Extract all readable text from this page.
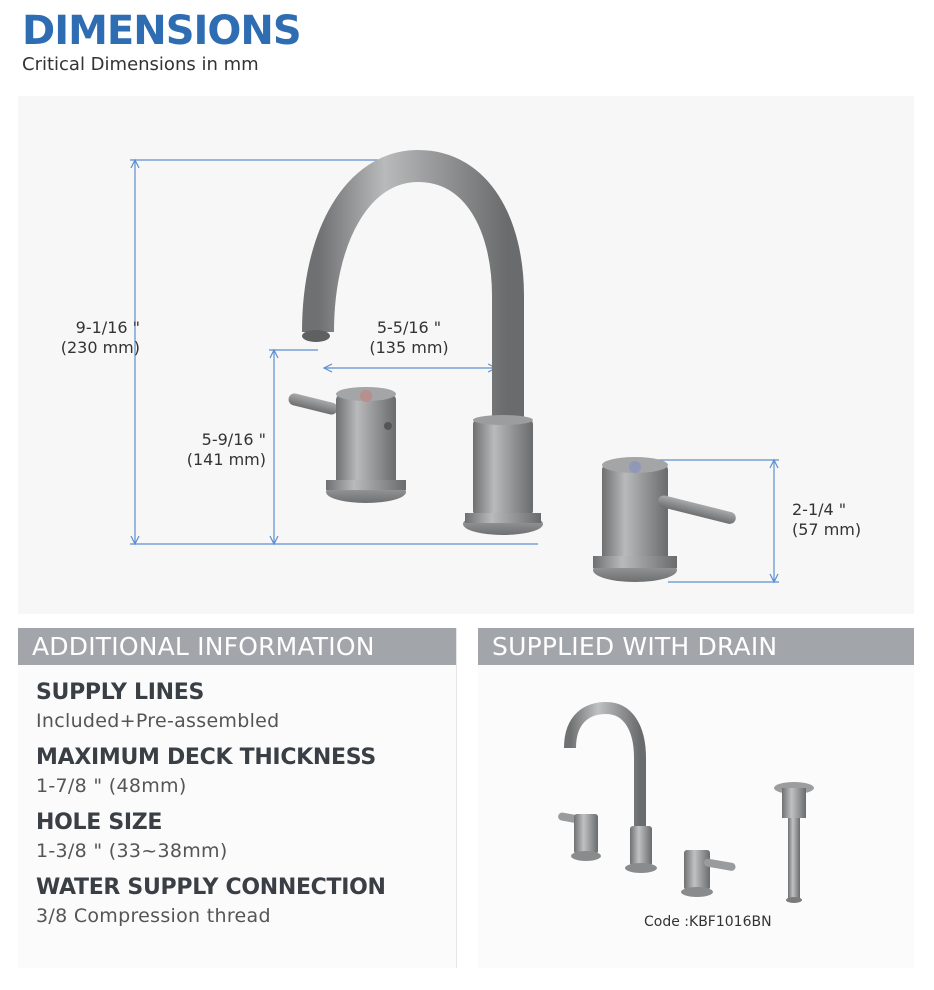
DIMENSIONS
Critical Dimensions in mm
9-1/16 "
(230 mm)
5-5/16 "
(135 mm)
5-9/16 "
(141 mm)
2-1/4 "
(57 mm)
ADDITIONAL INFORMATION
SUPPLY LINES
Included+Pre-assembled
MAXIMUM DECK THICKNESS
1-7/8 " (48mm)
HOLE SIZE
1-3/8 " (33~38mm)
WATER SUPPLY CONNECTION
3/8 Compression thread
SUPPLIED WITH DRAIN
Code :KBF1016BN
